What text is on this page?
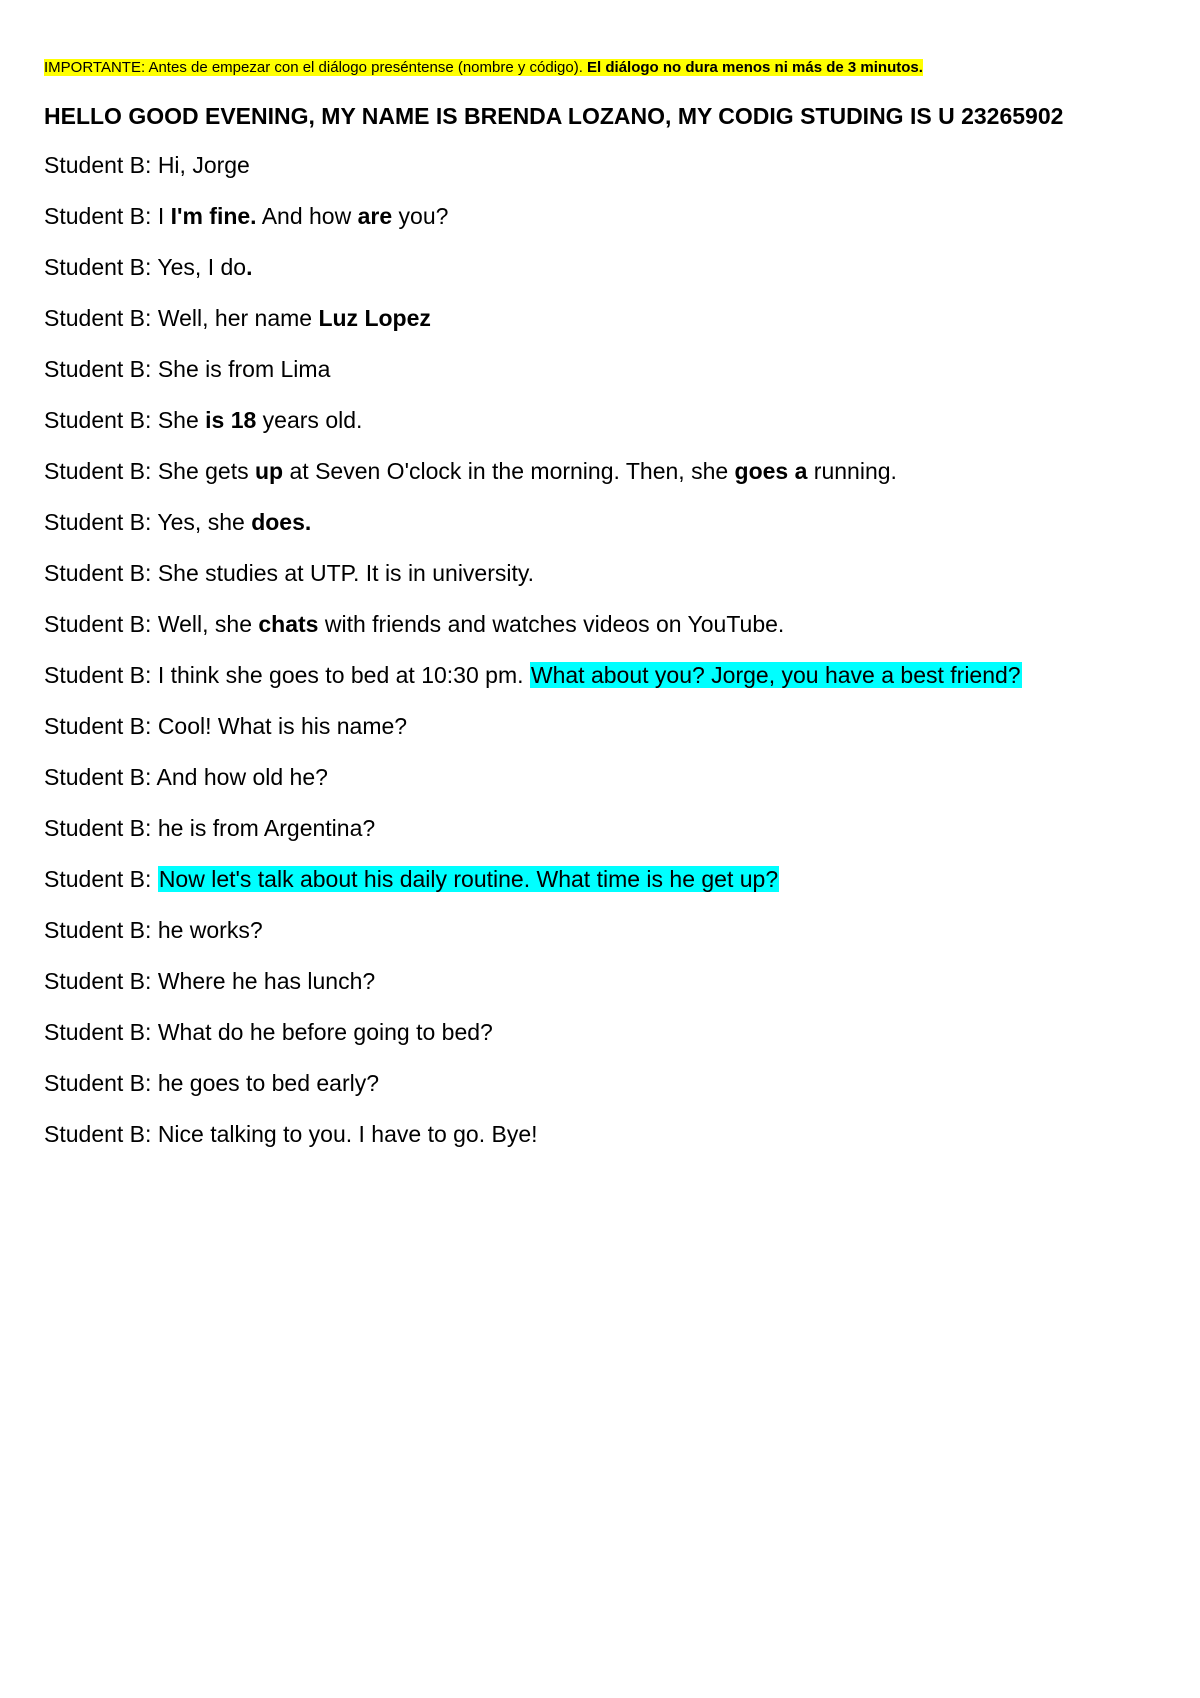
IMPORTANTE: Antes de empezar con el diálogo preséntense (nombre y código). El diálogo no dura menos ni más de 3 minutos.
HELLO GOOD EVENING, MY NAME IS BRENDA LOZANO, MY CODIG STUDING IS U 23265902
Student B: Hi, Jorge
Student B: I I'm fine. And how are you?
Student B: Yes, I do.
Student B: Well, her name Luz Lopez
Student B: She is from Lima
Student B: She is 18 years old.
Student B: She gets up at Seven O'clock in the morning. Then, she goes a running.
Student B: Yes, she does.
Student B: She studies at UTP. It is in university.
Student B: Well, she chats with friends and watches videos on YouTube.
Student B: I think she goes to bed at 10:30 pm. What about you? Jorge, you have a best friend?
Student B: Cool! What is his name?
Student B: And how old he?
Student B: he is from Argentina?
Student B: Now let's talk about his daily routine. What time is he get up?
Student B: he works?
Student B: Where he has lunch?
Student B: What do he before going to bed?
Student B: he goes to bed early?
Student B: Nice talking to you. I have to go. Bye!
